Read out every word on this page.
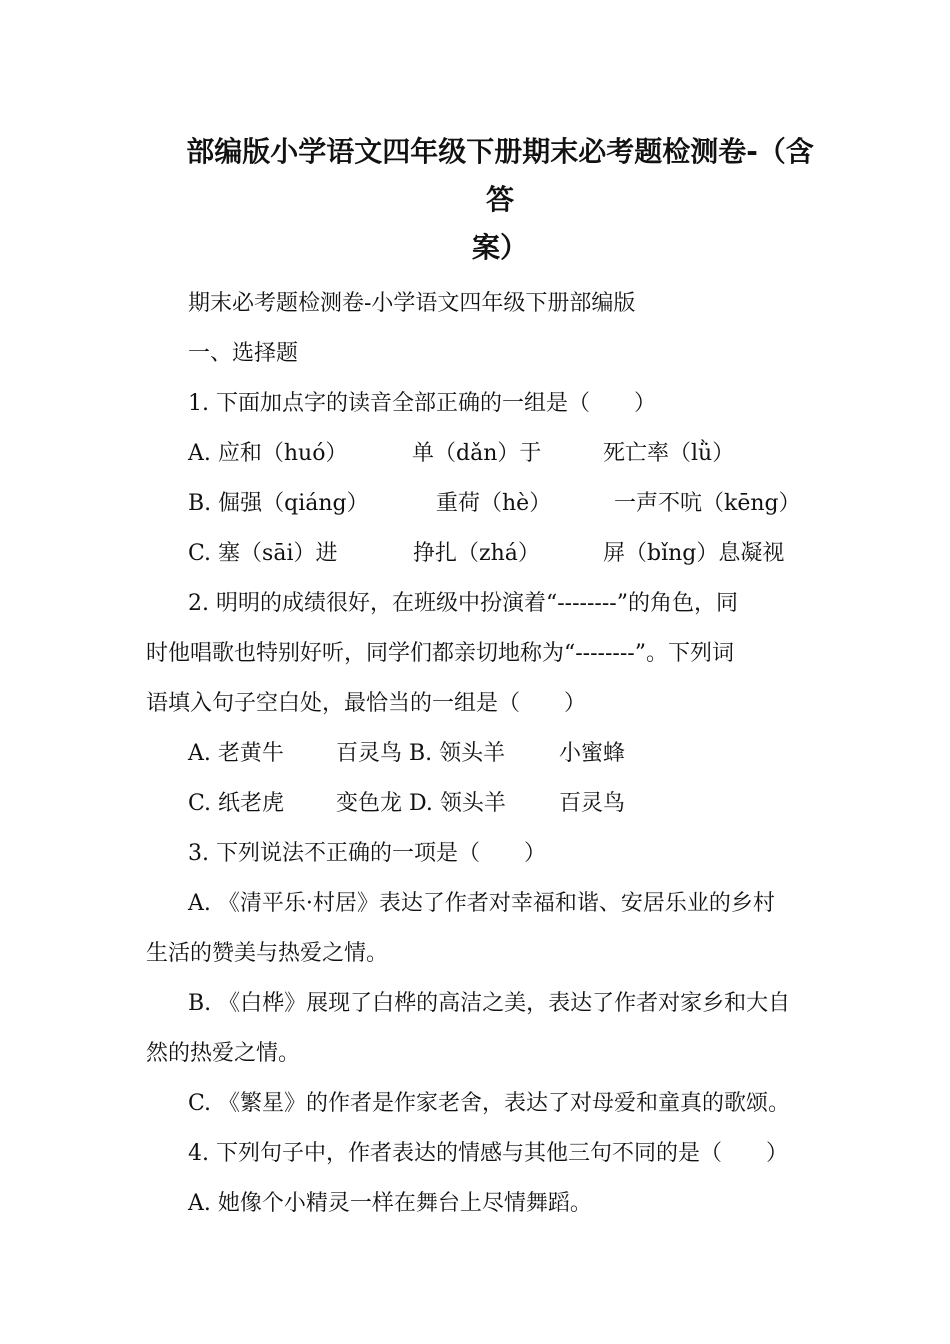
部编版小学语文四年级下册期末必考题检测卷-（含答
案）
期末必考题检测卷-小学语文四年级下册部编版
一、选择题
1. 下面加点字的读音全部正确的一组是（　　）
A. 应和（huó）	单（dǎn）于	死亡率（lǜ）
B. 倔强（qiáng）	重荷（hè）	一声不吭（kēng）
C. 塞（sāi）进	挣扎（zhá）	屏（bǐng）息凝视
2. 明明的成绩很好，在班级中扮演着“--------”的角色，同
时他唱歌也特别好听，同学们都亲切地称为“--------”。下列词
语填入句子空白处，最恰当的一组是（　　）
A. 老黄牛 百灵鸟 B. 领头羊 小蜜蜂
C. 纸老虎 变色龙 D. 领头羊 百灵鸟
3. 下列说法不正确的一项是（　　）
A. 《清平乐·村居》表达了作者对幸福和谐、安居乐业的乡村
生活的赞美与热爱之情。
B. 《白桦》展现了白桦的高洁之美，表达了作者对家乡和大自
然的热爱之情。
C. 《繁星》的作者是作家老舍，表达了对母爱和童真的歌颂。
4. 下列句子中，作者表达的情感与其他三句不同的是（　　）
A. 她像个小精灵一样在舞台上尽情舞蹈。
